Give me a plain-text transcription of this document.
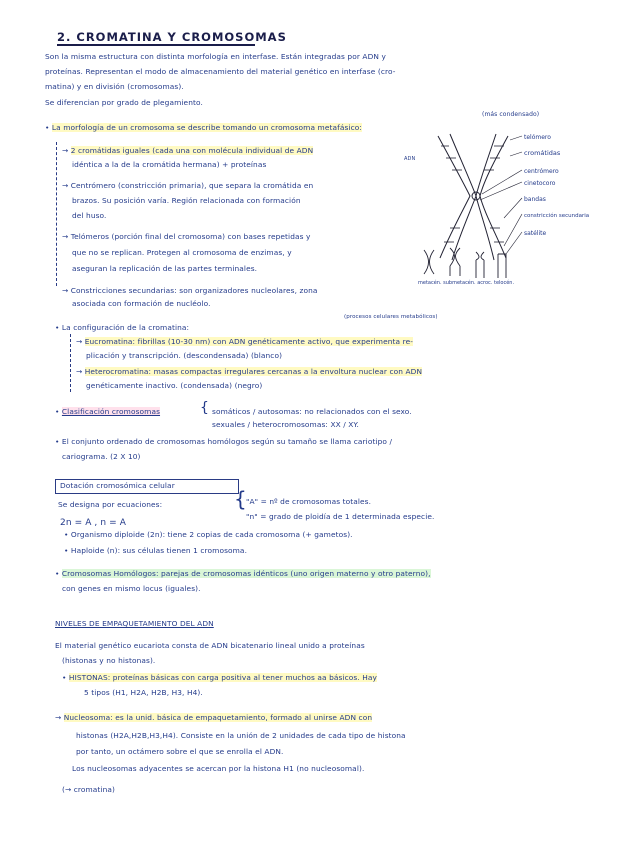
2. CROMATINA Y CROMOSOMAS
Son la misma estructura con distinta morfología en interfase. Están integradas por ADN y
proteínas. Representan el modo de almacenamiento del material genético en interfase (cro-
matina) y en división (cromosomas).
Se diferencian por grado de plegamiento.
(más condensado)
• La morfología de un cromosoma se describe tomando un cromosoma metafásico:
→ 2 cromátidas iguales (cada una con molécula individual de ADN
idéntica a la de la cromátida hermana) + proteínas
ADN
→ Centrómero (constricción primaria), que separa la cromátida en
brazos. Su posición varía. Región relacionada con formación
del huso.
→ Telómeros (porción final del cromosoma) con bases repetidas y
que no se replican. Protegen al cromosoma de enzimas, y
aseguran la replicación de las partes terminales.
→ Constricciones secundarias: son organizadores nucleolares, zona
asociada con formación de nucléolo.
telómero
cromátidas
centrómero
cinetocoro
bandas
constricción secundaria
satélite
metacén. submetacén. acroc. telocén.
(procesos celulares metabólicos)
• La configuración de la cromatina:
→ Eucromatina: fibrillas (10-30 nm) con ADN genéticamente activo, que experimenta re-
plicación y transcripción. (descondensada) (blanco)
→ Heterocromatina: masas compactas irregulares cercanas a la envoltura nuclear con ADN
genéticamente inactivo. (condensada) (negro)
• Clasificación cromosomas	{ somáticos / autosomas: no relacionados con el sexo.
sexuales / heterocromosomas: XX / XY.
• El conjunto ordenado de cromosomas homólogos según su tamaño se llama cariotipo /
cariograma. (2 X 10)
Dotación cromosómica celular
Se designa por ecuaciones:
2n = A , n = A
{ "A" = nº de cromosomas totales.
"n" = grado de ploidía de 1 determinada especie.
• Organismo diploide (2n): tiene 2 copias de cada cromosoma (+ gametos).
• Haploide (n): sus células tienen 1 cromosoma.
• Cromosomas Homólogos: parejas de cromosomas idénticos (uno origen materno y otro paterno),
con genes en mismo locus (iguales).
NIVELES DE EMPAQUETAMIENTO DEL ADN
El material genético eucariota consta de ADN bicatenario lineal unido a proteínas
(histonas y no histonas).
• HISTONAS: proteínas básicas con carga positiva al tener muchos aa básicos. Hay
5 tipos (H1, H2A, H2B, H3, H4).
→ Nucleosoma: es la unid. básica de empaquetamiento, formado al unirse ADN con
histonas (H2A,H2B,H3,H4). Consiste en la unión de 2 unidades de cada tipo de histona
por tanto, un octámero sobre el que se enrolla el ADN.
Los nucleosomas adyacentes se acercan por la histona H1 (no nucleosomal).
(→ cromatina)
